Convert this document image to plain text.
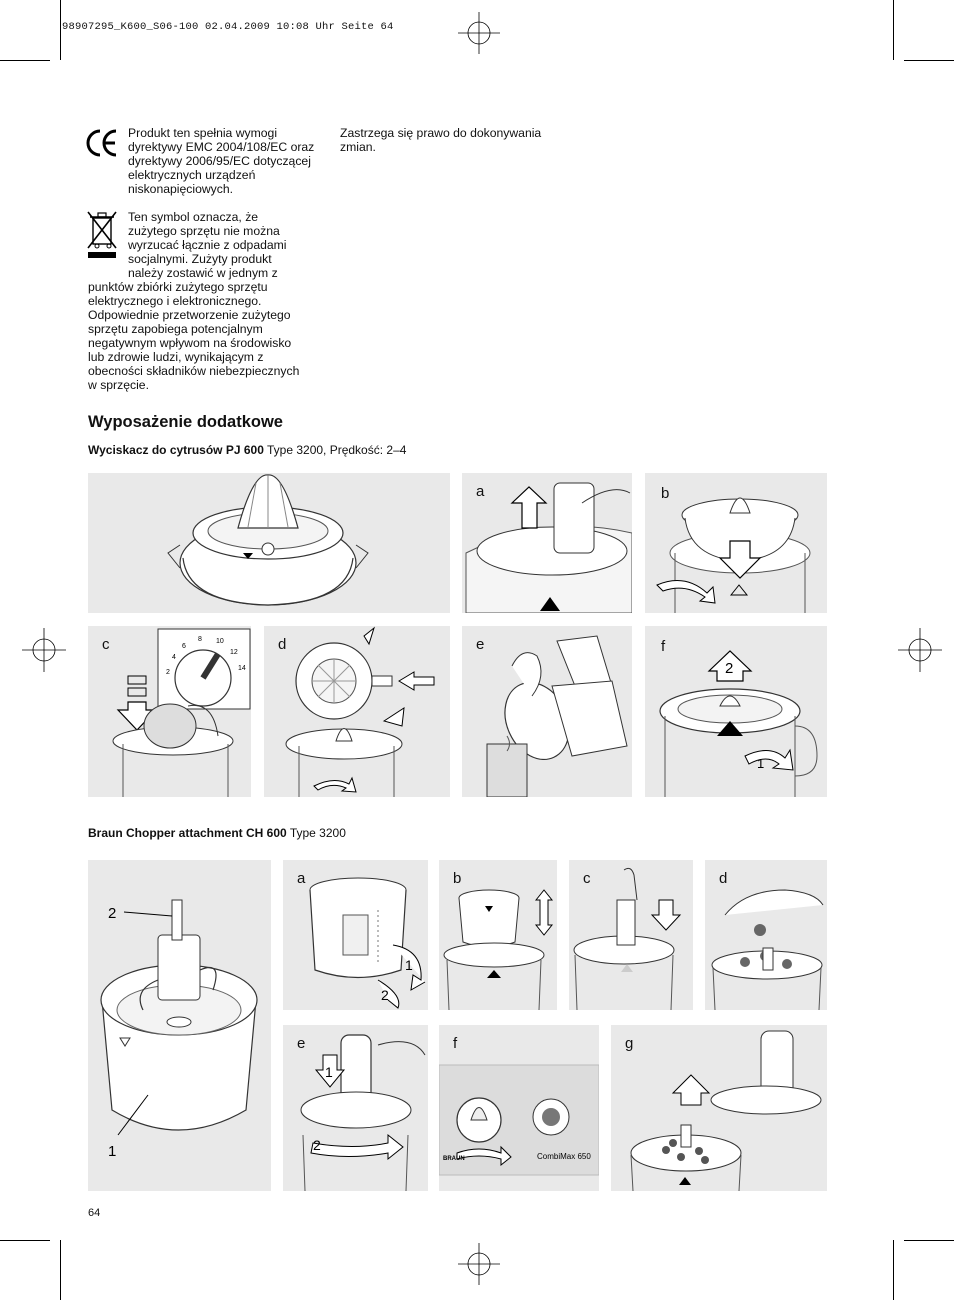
98907295_K600_S06-100 02.04.2009 10:08 Uhr Seite 64
Produkt ten spełnia wymogi dyrektywy EMC 2004/108/EC oraz dyrektywy 2006/95/EC dotyczącej elektrycznych urządzeń niskonapięciowych.
Ten symbol oznacza, że
zużytego sprzętu nie można
wyrzucać łącznie z odpadami
socjalnymi. Zużyty produkt
należy zostawić w jednym z
punktów zbiórki zużytego sprzętu
elektrycznego i elektronicznego.
Odpowiednie przetworzenie zużytego
sprzętu zapobiega potencjalnym
negatywnym wpływom na środowisko
lub zdrowie ludzi, wynikającym z
obecności składników niebezpiecznych
w sprzęcie.
Zastrzega się prawo do dokonywania zmian.
Wyposażenie dodatkowe
Wyciskacz do cytrusów PJ 600 Type 3200, Prędkość: 2–4
a	b
2
4
6
8 10
12
14
c	d	e
2
1
f
Braun Chopper attachment CH 600 Type 3200
2
1
1
2
a	b	c	d
1
2
e
BRAUN	CombiMax 650
f	g
64
